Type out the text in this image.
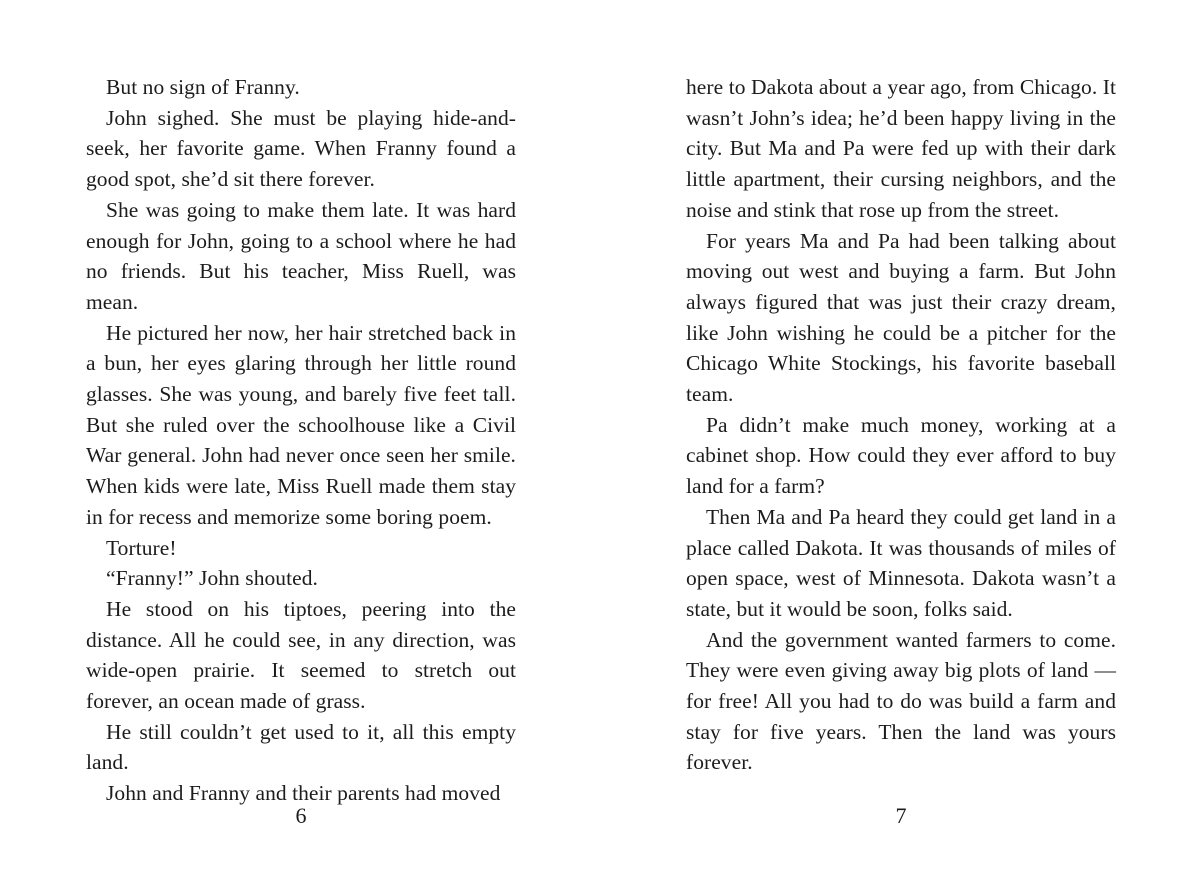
But no sign of Franny.

John sighed. She must be playing hide-and-seek, her favorite game. When Franny found a good spot, she’d sit there forever.

She was going to make them late. It was hard enough for John, going to a school where he had no friends. But his teacher, Miss Ruell, was mean.

He pictured her now, her hair stretched back in a bun, her eyes glaring through her little round glasses. She was young, and barely five feet tall. But she ruled over the schoolhouse like a Civil War general. John had never once seen her smile. When kids were late, Miss Ruell made them stay in for recess and memorize some boring poem.

Torture!

“Franny!” John shouted.

He stood on his tiptoes, peering into the distance. All he could see, in any direction, was wide-open prairie. It seemed to stretch out forever, an ocean made of grass.

He still couldn’t get used to it, all this empty land.

John and Franny and their parents had moved

6

here to Dakota about a year ago, from Chicago. It wasn’t John’s idea; he’d been happy living in the city. But Ma and Pa were fed up with their dark little apartment, their cursing neighbors, and the noise and stink that rose up from the street.

For years Ma and Pa had been talking about moving out west and buying a farm. But John always figured that was just their crazy dream, like John wishing he could be a pitcher for the Chicago White Stockings, his favorite baseball team.

Pa didn’t make much money, working at a cabinet shop. How could they ever afford to buy land for a farm?

Then Ma and Pa heard they could get land in a place called Dakota. It was thousands of miles of open space, west of Minnesota. Dakota wasn’t a state, but it would be soon, folks said.

And the government wanted farmers to come. They were even giving away big plots of land — for free! All you had to do was build a farm and stay for five years. Then the land was yours forever.

7
